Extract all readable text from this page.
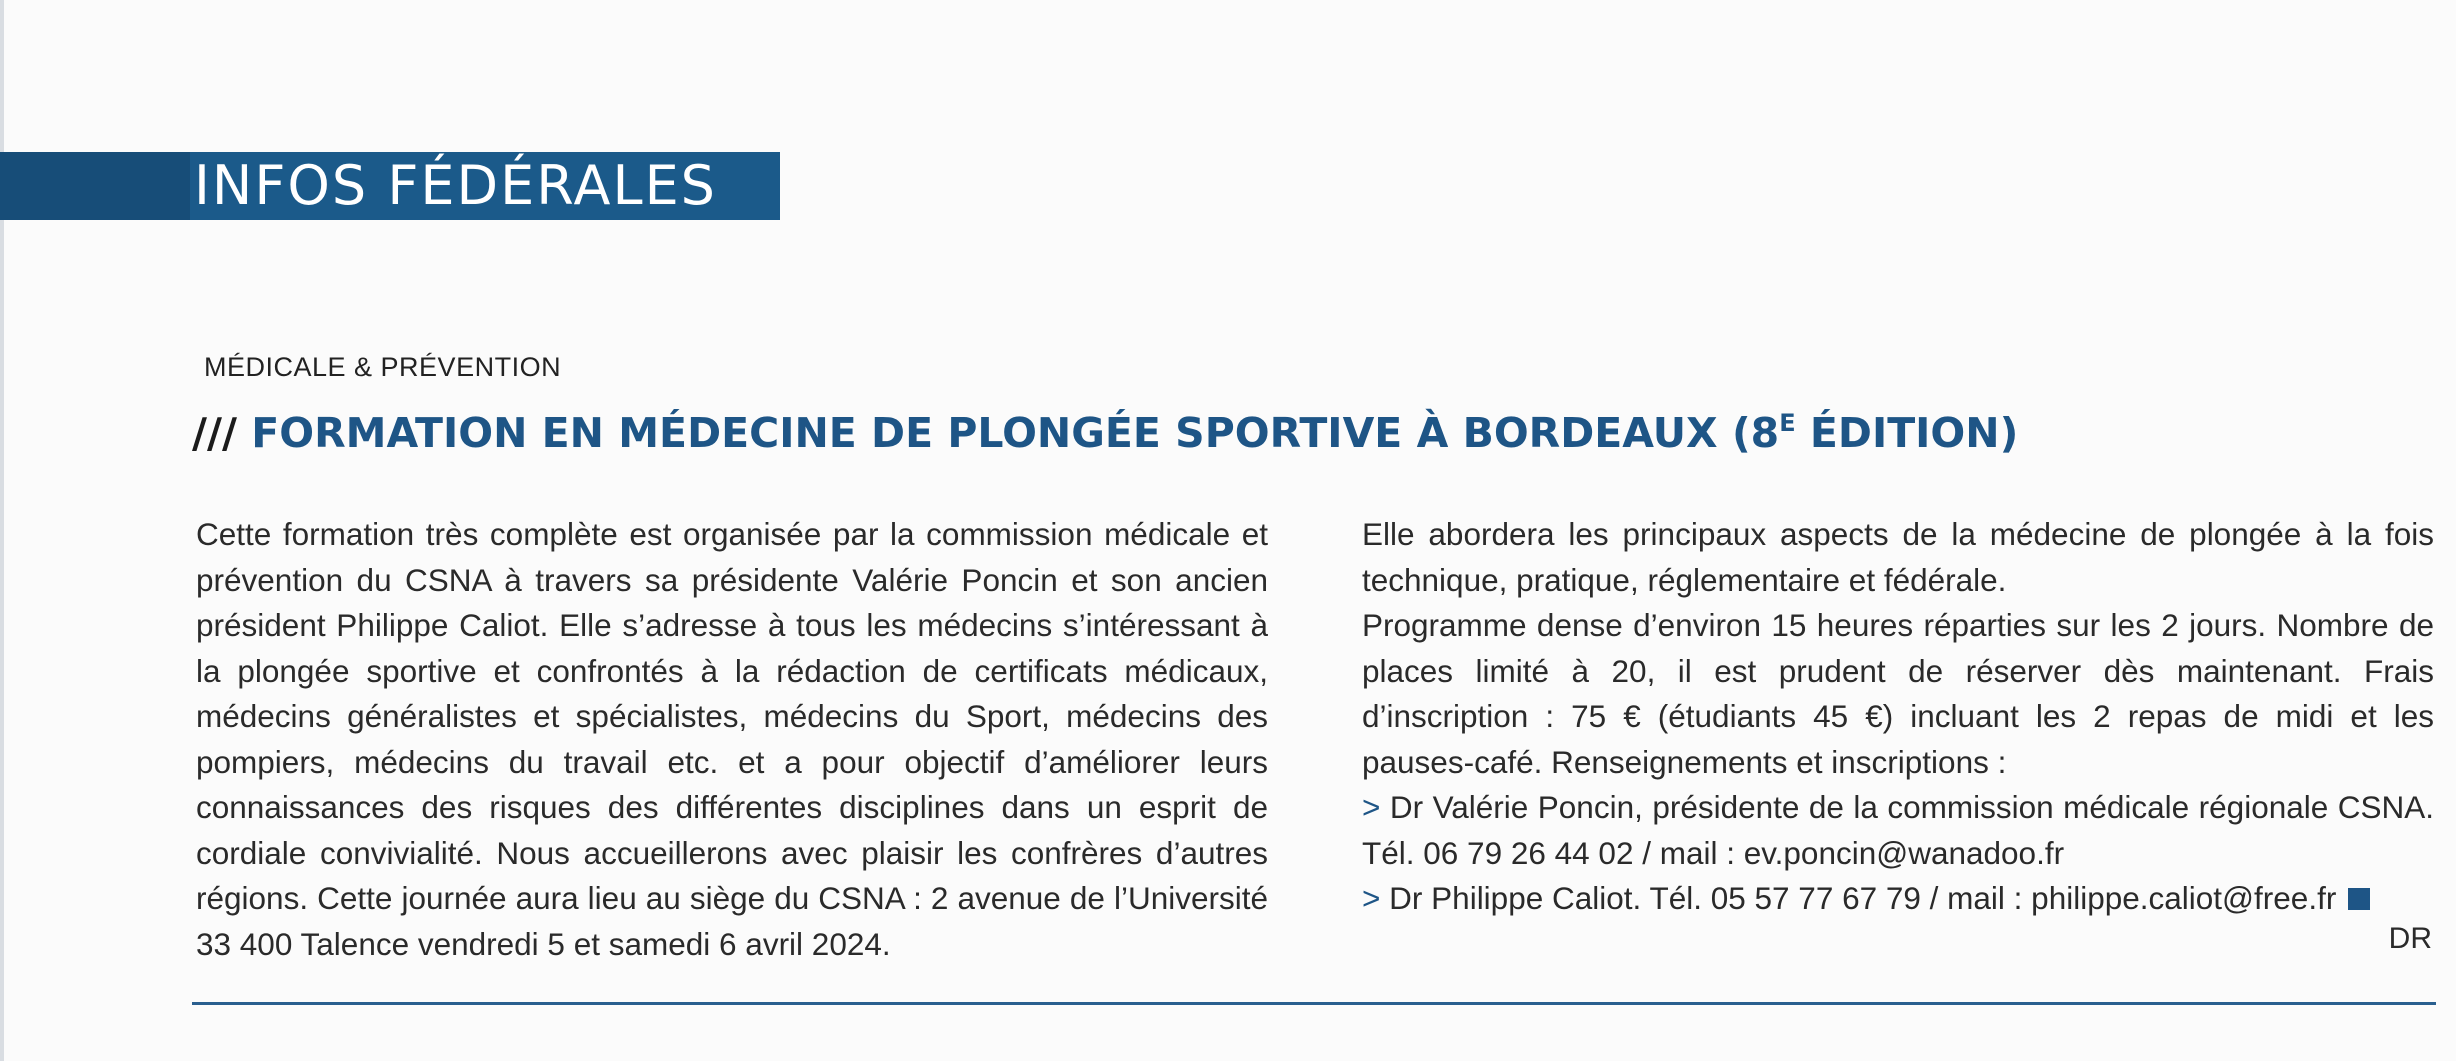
INFOS FÉDÉRALES
MÉDICALE & PRÉVENTION
/// FORMATION EN MÉDECINE DE PLONGÉE SPORTIVE À BORDEAUX ($8^E$ ÉDITION)

Cette formation très complète est organisée par la commission médicale et prévention du CSNA à travers sa présidente Valérie Poncin et son ancien président Philippe Caliot. Elle s’adresse à tous les médecins s’intéressant à la plongée sportive et confrontés à la rédaction de certificats médicaux, médecins généralistes et spécialistes, médecins du Sport, médecins des pompiers, médecins du travail etc. et a pour objectif d’améliorer leurs connaissances des risques des différentes disciplines dans un esprit de cordiale convivialité. Nous accueillerons avec plaisir les confrères d’autres régions. Cette journée aura lieu au siège du CSNA : 2 avenue de l’Université 33 400 Talence vendredi 5 et samedi 6 avril 2024.

Elle abordera les principaux aspects de la médecine de plongée à la fois technique, pratique, réglementaire et fédérale.

Programme dense d’environ 15 heures réparties sur les 2 jours. Nombre de places limité à 20, il est prudent de réserver dès maintenant. Frais d’inscription : 75 € (étudiants 45 €) incluant les 2 repas de midi et les pauses-café. Renseignements et inscriptions :

> Dr Valérie Poncin, présidente de la commission médicale régionale CSNA. Tél. 06 79 26 44 02 / mail : ev.poncin@wanadoo.fr

> Dr Philippe Caliot. Tél. 05 57 77 67 79 / mail : philippe.caliot@free.fr

DR
